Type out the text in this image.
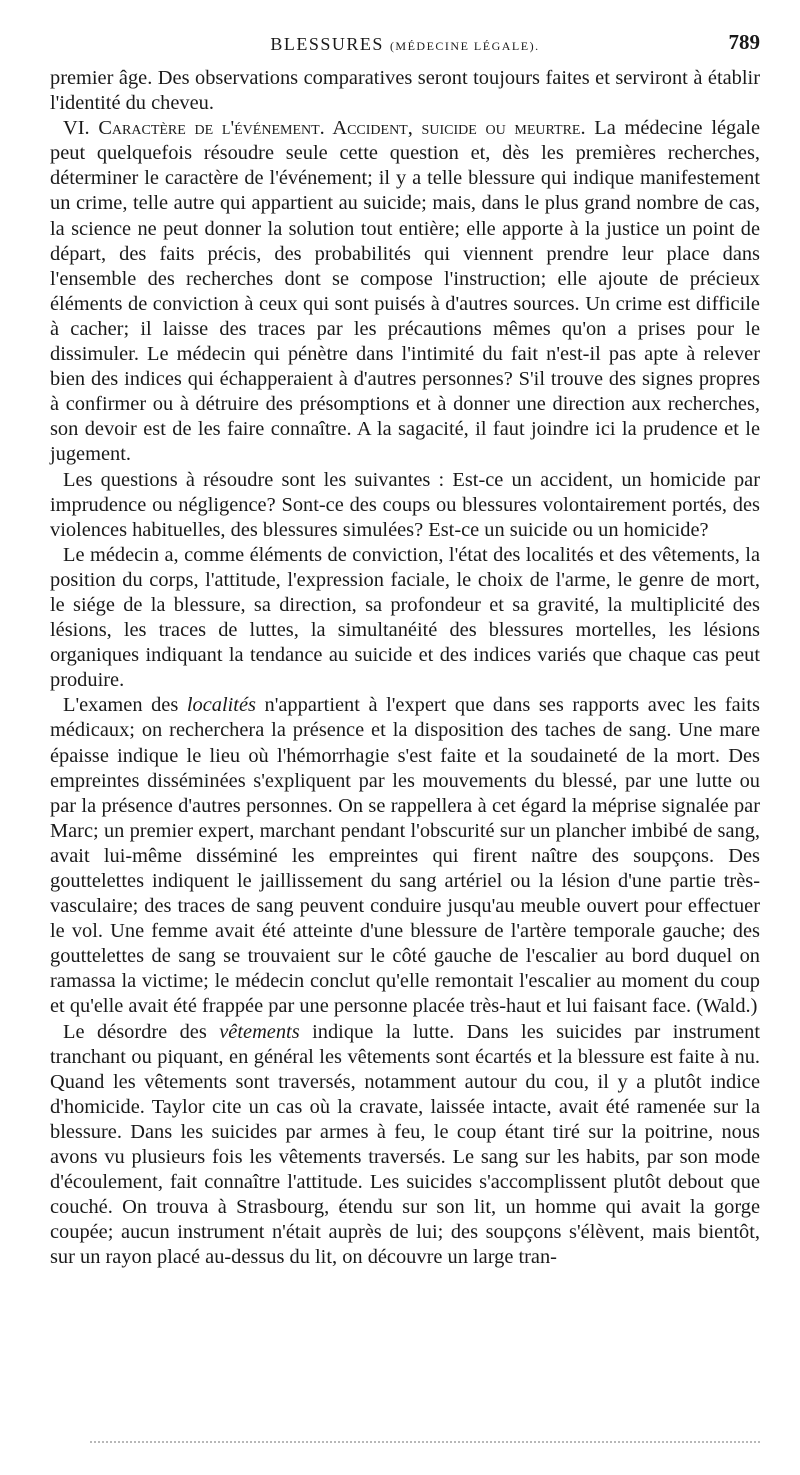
BLESSURES (MÉDECINE LÉGALE).	789

premier âge. Des observations comparatives seront toujours faites et serviront à établir l'identité du cheveu.

VI. Caractère de l'événement. Accident, suicide ou meurtre. La médecine légale peut quelquefois résoudre seule cette question et, dès les premières recherches, déterminer le caractère de l'événement; il y a telle blessure qui indique manifestement un crime, telle autre qui appartient au suicide; mais, dans le plus grand nombre de cas, la science ne peut donner la solution tout entière; elle apporte à la justice un point de départ, des faits précis, des probabilités qui viennent prendre leur place dans l'ensemble des recherches dont se compose l'instruction; elle ajoute de précieux éléments de conviction à ceux qui sont puisés à d'autres sources. Un crime est difficile à cacher; il laisse des traces par les précautions mêmes qu'on a prises pour le dissimuler. Le médecin qui pénètre dans l'intimité du fait n'est-il pas apte à relever bien des indices qui échapperaient à d'autres personnes? S'il trouve des signes propres à confirmer ou à détruire des présomptions et à donner une direction aux recherches, son devoir est de les faire connaître. A la sagacité, il faut joindre ici la prudence et le jugement.

Les questions à résoudre sont les suivantes : Est-ce un accident, un homicide par imprudence ou négligence? Sont-ce des coups ou blessures volontairement portés, des violences habituelles, des blessures simulées? Est-ce un suicide ou un homicide?

Le médecin a, comme éléments de conviction, l'état des localités et des vêtements, la position du corps, l'attitude, l'expression faciale, le choix de l'arme, le genre de mort, le siége de la blessure, sa direction, sa profondeur et sa gravité, la multiplicité des lésions, les traces de luttes, la simultanéité des blessures mortelles, les lésions organiques indiquant la tendance au suicide et des indices variés que chaque cas peut produire.

L'examen des localités n'appartient à l'expert que dans ses rapports avec les faits médicaux; on recherchera la présence et la disposition des taches de sang. Une mare épaisse indique le lieu où l'hémorrhagie s'est faite et la soudaineté de la mort. Des empreintes disséminées s'expliquent par les mouvements du blessé, par une lutte ou par la présence d'autres personnes. On se rappellera à cet égard la méprise signalée par Marc; un premier expert, marchant pendant l'obscurité sur un plancher imbibé de sang, avait lui-même disséminé les empreintes qui firent naître des soupçons. Des gouttelettes indiquent le jaillissement du sang artériel ou la lésion d'une partie très-vasculaire; des traces de sang peuvent conduire jusqu'au meuble ouvert pour effectuer le vol. Une femme avait été atteinte d'une blessure de l'artère temporale gauche; des gouttelettes de sang se trouvaient sur le côté gauche de l'escalier au bord duquel on ramassa la victime; le médecin conclut qu'elle remontait l'escalier au moment du coup et qu'elle avait été frappée par une personne placée très-haut et lui faisant face. (Wald.)

Le désordre des vêtements indique la lutte. Dans les suicides par instrument tranchant ou piquant, en général les vêtements sont écartés et la blessure est faite à nu. Quand les vêtements sont traversés, notamment autour du cou, il y a plutôt indice d'homicide. Taylor cite un cas où la cravate, laissée intacte, avait été ramenée sur la blessure. Dans les suicides par armes à feu, le coup étant tiré sur la poitrine, nous avons vu plusieurs fois les vêtements traversés. Le sang sur les habits, par son mode d'écoulement, fait connaître l'attitude. Les suicides s'accomplissent plutôt debout que couché. On trouva à Strasbourg, étendu sur son lit, un homme qui avait la gorge coupée; aucun instrument n'était auprès de lui; des soupçons s'élèvent, mais bientôt, sur un rayon placé au-dessus du lit, on découvre un large tran-
